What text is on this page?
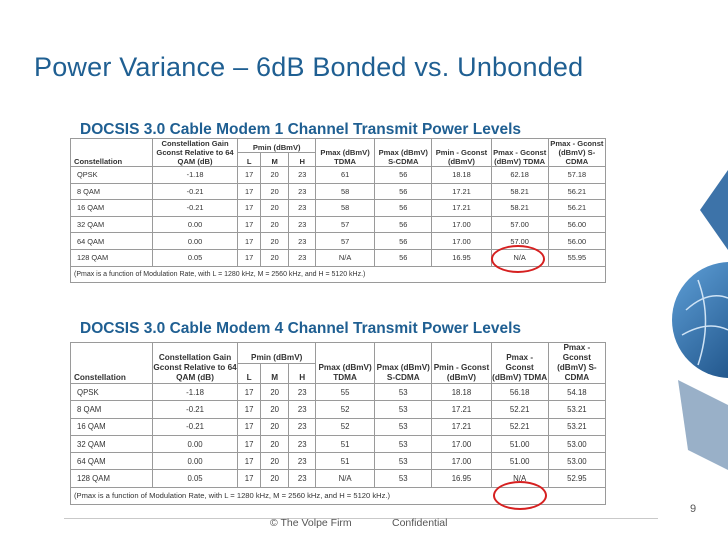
Power Variance – 6dB Bonded vs. Unbonded
DOCSIS 3.0 Cable Modem 1 Channel Transmit Power Levels
Constellation	Constellation Gain Gconst Relative to 64 QAM (dB)	Pmin (dBmV)			Pmax (dBmV) TDMA	Pmax (dBmV) S-CDMA	Pmin - Gconst (dBmV)	Pmax - Gconst (dBmV) TDMA	Pmax - Gconst (dBmV) S-CDMA
		L	M	H					
QPSK	-1.18	17	20	23	61	56	18.18	62.18	57.18
8 QAM	-0.21	17	20	23	58	56	17.21	58.21	56.21
16 QAM	-0.21	17	20	23	58	56	17.21	58.21	56.21
32 QAM	0.00	17	20	23	57	56	17.00	57.00	56.00
64 QAM	0.00	17	20	23	57	56	17.00	57.00	56.00
128 QAM	0.05	17	20	23	N/A	56	16.95	N/A	55.95
(Pmax is a function of Modulation Rate, with L = 1280 kHz, M = 2560 kHz, and H = 5120 kHz.)									
DOCSIS 3.0 Cable Modem 4 Channel Transmit Power Levels
Constellation	Constellation Gain Gconst Relative to 64 QAM (dB)	Pmin (dBmV)			Pmax (dBmV) TDMA	Pmax (dBmV) S-CDMA	Pmin - Gconst (dBmV)	Pmax - Gconst (dBmV) TDMA	Pmax - Gconst (dBmV) S-CDMA
		L	M	H					
QPSK	-1.18	17	20	23	55	53	18.18	56.18	54.18
8 QAM	-0.21	17	20	23	52	53	17.21	52.21	53.21
16 QAM	-0.21	17	20	23	52	53	17.21	52.21	53.21
32 QAM	0.00	17	20	23	51	53	17.00	51.00	53.00
64 QAM	0.00	17	20	23	51	53	17.00	51.00	53.00
128 QAM	0.05	17	20	23	N/A	53	16.95	N/A	52.95
(Pmax is a function of Modulation Rate, with L = 1280 kHz, M = 2560 kHz, and H = 5120 kHz.)									
9
© The Volpe Firm	Confidential
